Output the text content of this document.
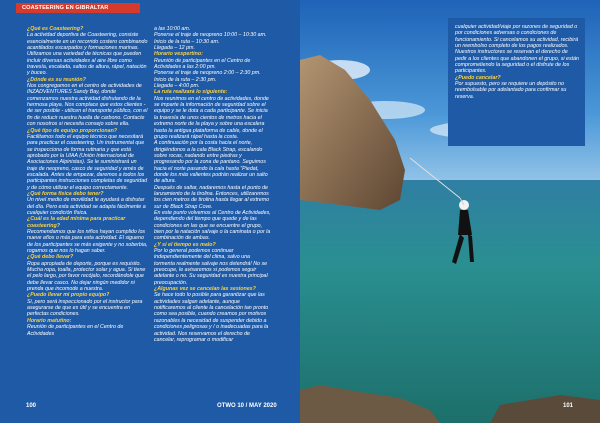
COASTEERING EN GIBRALTAR
¿Qué es Coasteering?
La actividad deportiva de Coasteering, consiste esencialmente en un recorrido costero combinando acantilados escarpados y formaciones marinas. Utilizamos una variedad de técnicas que pueden incluir diversas actividades al aire libre como travesía, escalada, saltos de altura, rápel, natación y buceo.
¿Dónde es su reunión?
Nos congregamos en el centro de actividades de INZADVENTURES Sandy Bay, donde comenzamos nuestra actividad disfrutando de la hermosa playa. Nos complace que estos clientes - de ser posible - utilicen el transporte público, con el fin de reducir nuestra huella de carbono. Contacte con nosotros si necesita consejo sobre ella.
¿Qué tipo de equipo proporcionan?
Facilitamos todo el equipo técnico que necesitará para practicar el coasteering. Un instrumental que se inspecciona de forma rutinaria y que está aprobado por la UIAA (Unión Internacional de Asociaciones Alpinistas). Se le suministrará un traje de neopreno, casco de seguridad y arnés de escalada. Antes de empezar, daremos a todos los participantes instrucciones completas de seguridad y de cómo utilizar el equipo correctamente.
¿Qué forma física debo tener?
Un nivel medio de movilidad le ayudará a disfrutar del día. Pero esta actividad se adapta fácilmente a cualquier condición física.
¿Cuál es la edad mínima para practicar coasteering?
Recomendamos que los niños hayan cumplido los nueve años o más para esta actividad. El sigueno de los participantes se más exigente y no soberbia, rogamos que nos lo hagan saber.
¿Qué debo llevar?
Ropa apropiada de deporte, porque es requisito. Mucha ropa, toalla, protector solar y agua. Si tiene el pelo largo, por favor recójalo, recordándole que debe llevar casco. No dejar ningún medidor ni prenda que incomode a nuestra.
¿Puedo llevar mi propio equipo?
Si, pero será inspeccionado por el instructor para asegurarse de que es útil y se encuentra en perfectas condiciones.
Horario matutino:
Reunión de participantes en el Centro de Actividades
a las 10:00 am.
Ponerse el traje de neopreno 10:00 – 10:30 am.
Inicio de la ruta – 10:30 am.
Llegada – 12 pm.
Horario vespertino:
Reunión de participantes en el Centro de Actividades a las 2:00 pm.
Ponerse el traje de neopreno 2:00 – 2:30 pm.
Inicio de la ruta – 2:30 pm.
Llegada – 4:00 pm.
La ruta realizará lo siguiente:
Nos reunimos en el centro de actividades, donde se imparte la información de seguridad sobre el equipo y se le dota a cada participante. Se inicia la travesía de unos cientos de metros hacia el extremo norte de la playa y sobre una escalera hasta la antigua plataforma de cable, donde el grupo realizará rápel hasta la costa.
A continuación por la costa hacia el norte, dirigiéndonos a la cala Black Strap, escalando sobre rocas, nadando entre piedras y progresando por la zona de pantano. Seguimos hacia el norte pasando la cala hasta "Piedat, donde los más valientes podrán realizar un salto de altura.
Después de saltar, nadaremos hasta el punto de lanzamiento de la tirolina. Entonces, utilizaremos los cien metros de tirolina hasta llegar al extremo sur de Black Strap Cove.
En este punto volvemos al Centro de Actividades, dependiendo del tiempo que quede y de las condiciones en las que se encuentre el grupo, bien por la natación salvaje o la caminata o por la combinación de ambas.
¿Y si el tiempo es malo?
Por lo general podemos continuar independientemente del clima, salvo una tormenta realmente salvaje nos detendrá! No se preocupe, le avisaremos si podemos seguir adelante o no. Su seguridad es nuestra principal preocupación.
¿Algunas vez se cancelan las sesiones?
Se hace todo lo posible para garantizar que las actividades salgan adelante, aunque notificaremos al cliente la cancelación tan pronto como sea posible, cuando creamos por motivos razonables la necesidad de suspender debido a condiciones peligrosas y / o inadecuadas para la actividad. Nos reservamos el derecho de cancelar, reprogramar o modificar
100	OTWO 10 / MAY 2020
cualquier actividad/viaje por razones de seguridad o por condiciones adversas o condiciones de funcionamiento. Si cancelamos su actividad, recibirá un reembolso completo de los pagos realizados.
Nuestros instructores se reservan el derecho de pedir a los clientes que abandonen el grupo, si están comprometiendo la seguridad o el disfrute de los participantes.
¿Puedo cancelar?
Por supuesto, pero se requiere un depósito no reembolsable por adelantado para confirmar su reserva.
101
